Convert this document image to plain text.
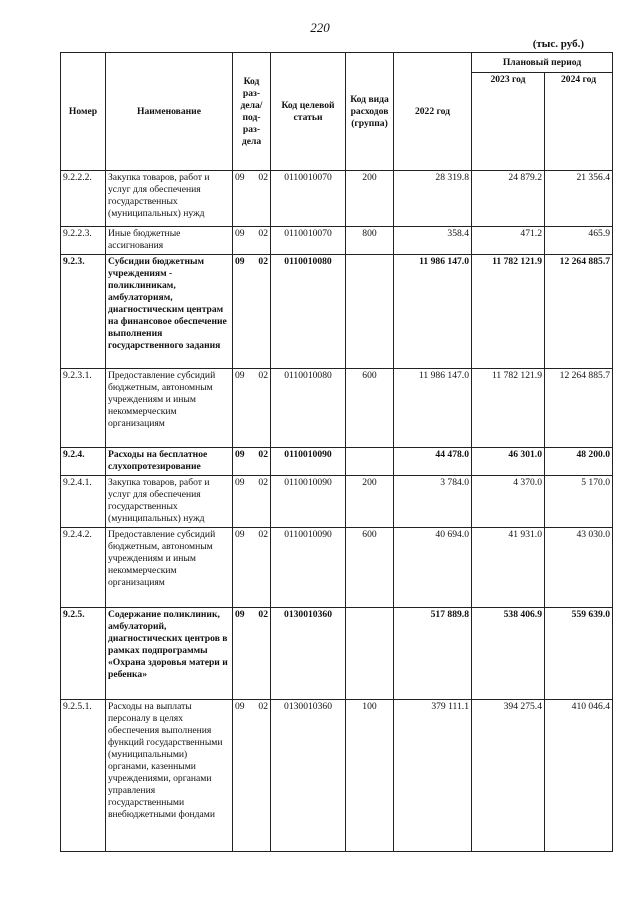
220
(тыс. руб.)
Номер	Наименование	Код раз-дела/ под-раз-дела	Код целевой статьи	Код вида расходов (группа)	2022 год	Плановый период	
						2023 год	2024 год
9.2.2.2.	Закупка товаров, работ и услуг для обеспечения государственных (муниципальных) нужд	09 02	0110010070	200	28 319.8	24 879.2	21 356.4
9.2.2.3.	Иные бюджетные ассигнования	09 02	0110010070	800	358.4	471.2	465.9
9.2.3.	Субсидии бюджетным учреждениям - поликлиникам, амбулаториям, диагностическим центрам на финансовое обеспечение выполнения государственного задания	09 02	0110010080		11 986 147.0	11 782 121.9	12 264 885.7
9.2.3.1.	Предоставление субсидий бюджетным, автономным учреждениям и иным некоммерческим организациям	09 02	0110010080	600	11 986 147.0	11 782 121.9	12 264 885.7
9.2.4.	Расходы на бесплатное слухопротезирование	09 02	0110010090		44 478.0	46 301.0	48 200.0
9.2.4.1.	Закупка товаров, работ и услуг для обеспечения государственных (муниципальных) нужд	09 02	0110010090	200	3 784.0	4 370.0	5 170.0
9.2.4.2.	Предоставление субсидий бюджетным, автономным учреждениям и иным некоммерческим организациям	09 02	0110010090	600	40 694.0	41 931.0	43 030.0
9.2.5.	Содержание поликлиник, амбулаторий, диагностических центров в рамках подпрограммы «Охрана здоровья матери и ребенка»	09 02	0130010360		517 889.8	538 406.9	559 639.0
9.2.5.1.	Расходы на выплаты персоналу в целях обеспечения выполнения функций государственными (муниципальными) органами, казенными учреждениями, органами управления государственными внебюджетными фондами	09 02	0130010360	100	379 111.1	394 275.4	410 046.4
